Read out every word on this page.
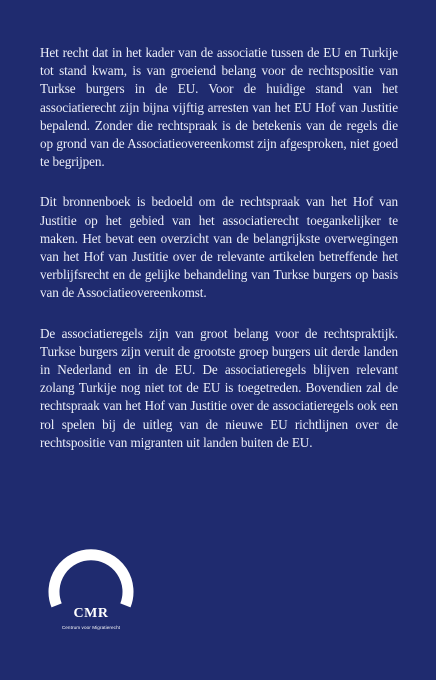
Het recht dat in het kader van de associatie tussen de EU en Turkije tot stand kwam, is van groeiend belang voor de rechtspositie van Turkse burgers in de EU. Voor de huidige stand van het associatierecht zijn bijna vijftig arresten van het EU Hof van Justitie bepalend. Zonder die rechtspraak is de betekenis van de regels die op grond van de Associatieovereenkomst zijn afgesproken, niet goed te begrijpen.

Dit bronnenboek is bedoeld om de rechtspraak van het Hof van Justitie op het gebied van het associatierecht toegankelijker te maken. Het bevat een overzicht van de belangrijkste overwegingen van het Hof van Justitie over de relevante artikelen betreffende het verblijfsrecht en de gelijke behandeling van Turkse burgers op basis van de Associatieovereenkomst.

De associatieregels zijn van groot belang voor de rechtspraktijk. Turkse burgers zijn veruit de grootste groep burgers uit derde landen in Nederland en in de EU. De associatieregels blijven relevant zolang Turkije nog niet tot de EU is toegetreden. Bovendien zal de rechtspraak van het Hof van Justitie over de associatieregels ook een rol spelen bij de uitleg van de nieuwe EU richtlijnen over de rechtspositie van migranten uit landen buiten de EU.

CMR
Centrum voor Migratierecht
